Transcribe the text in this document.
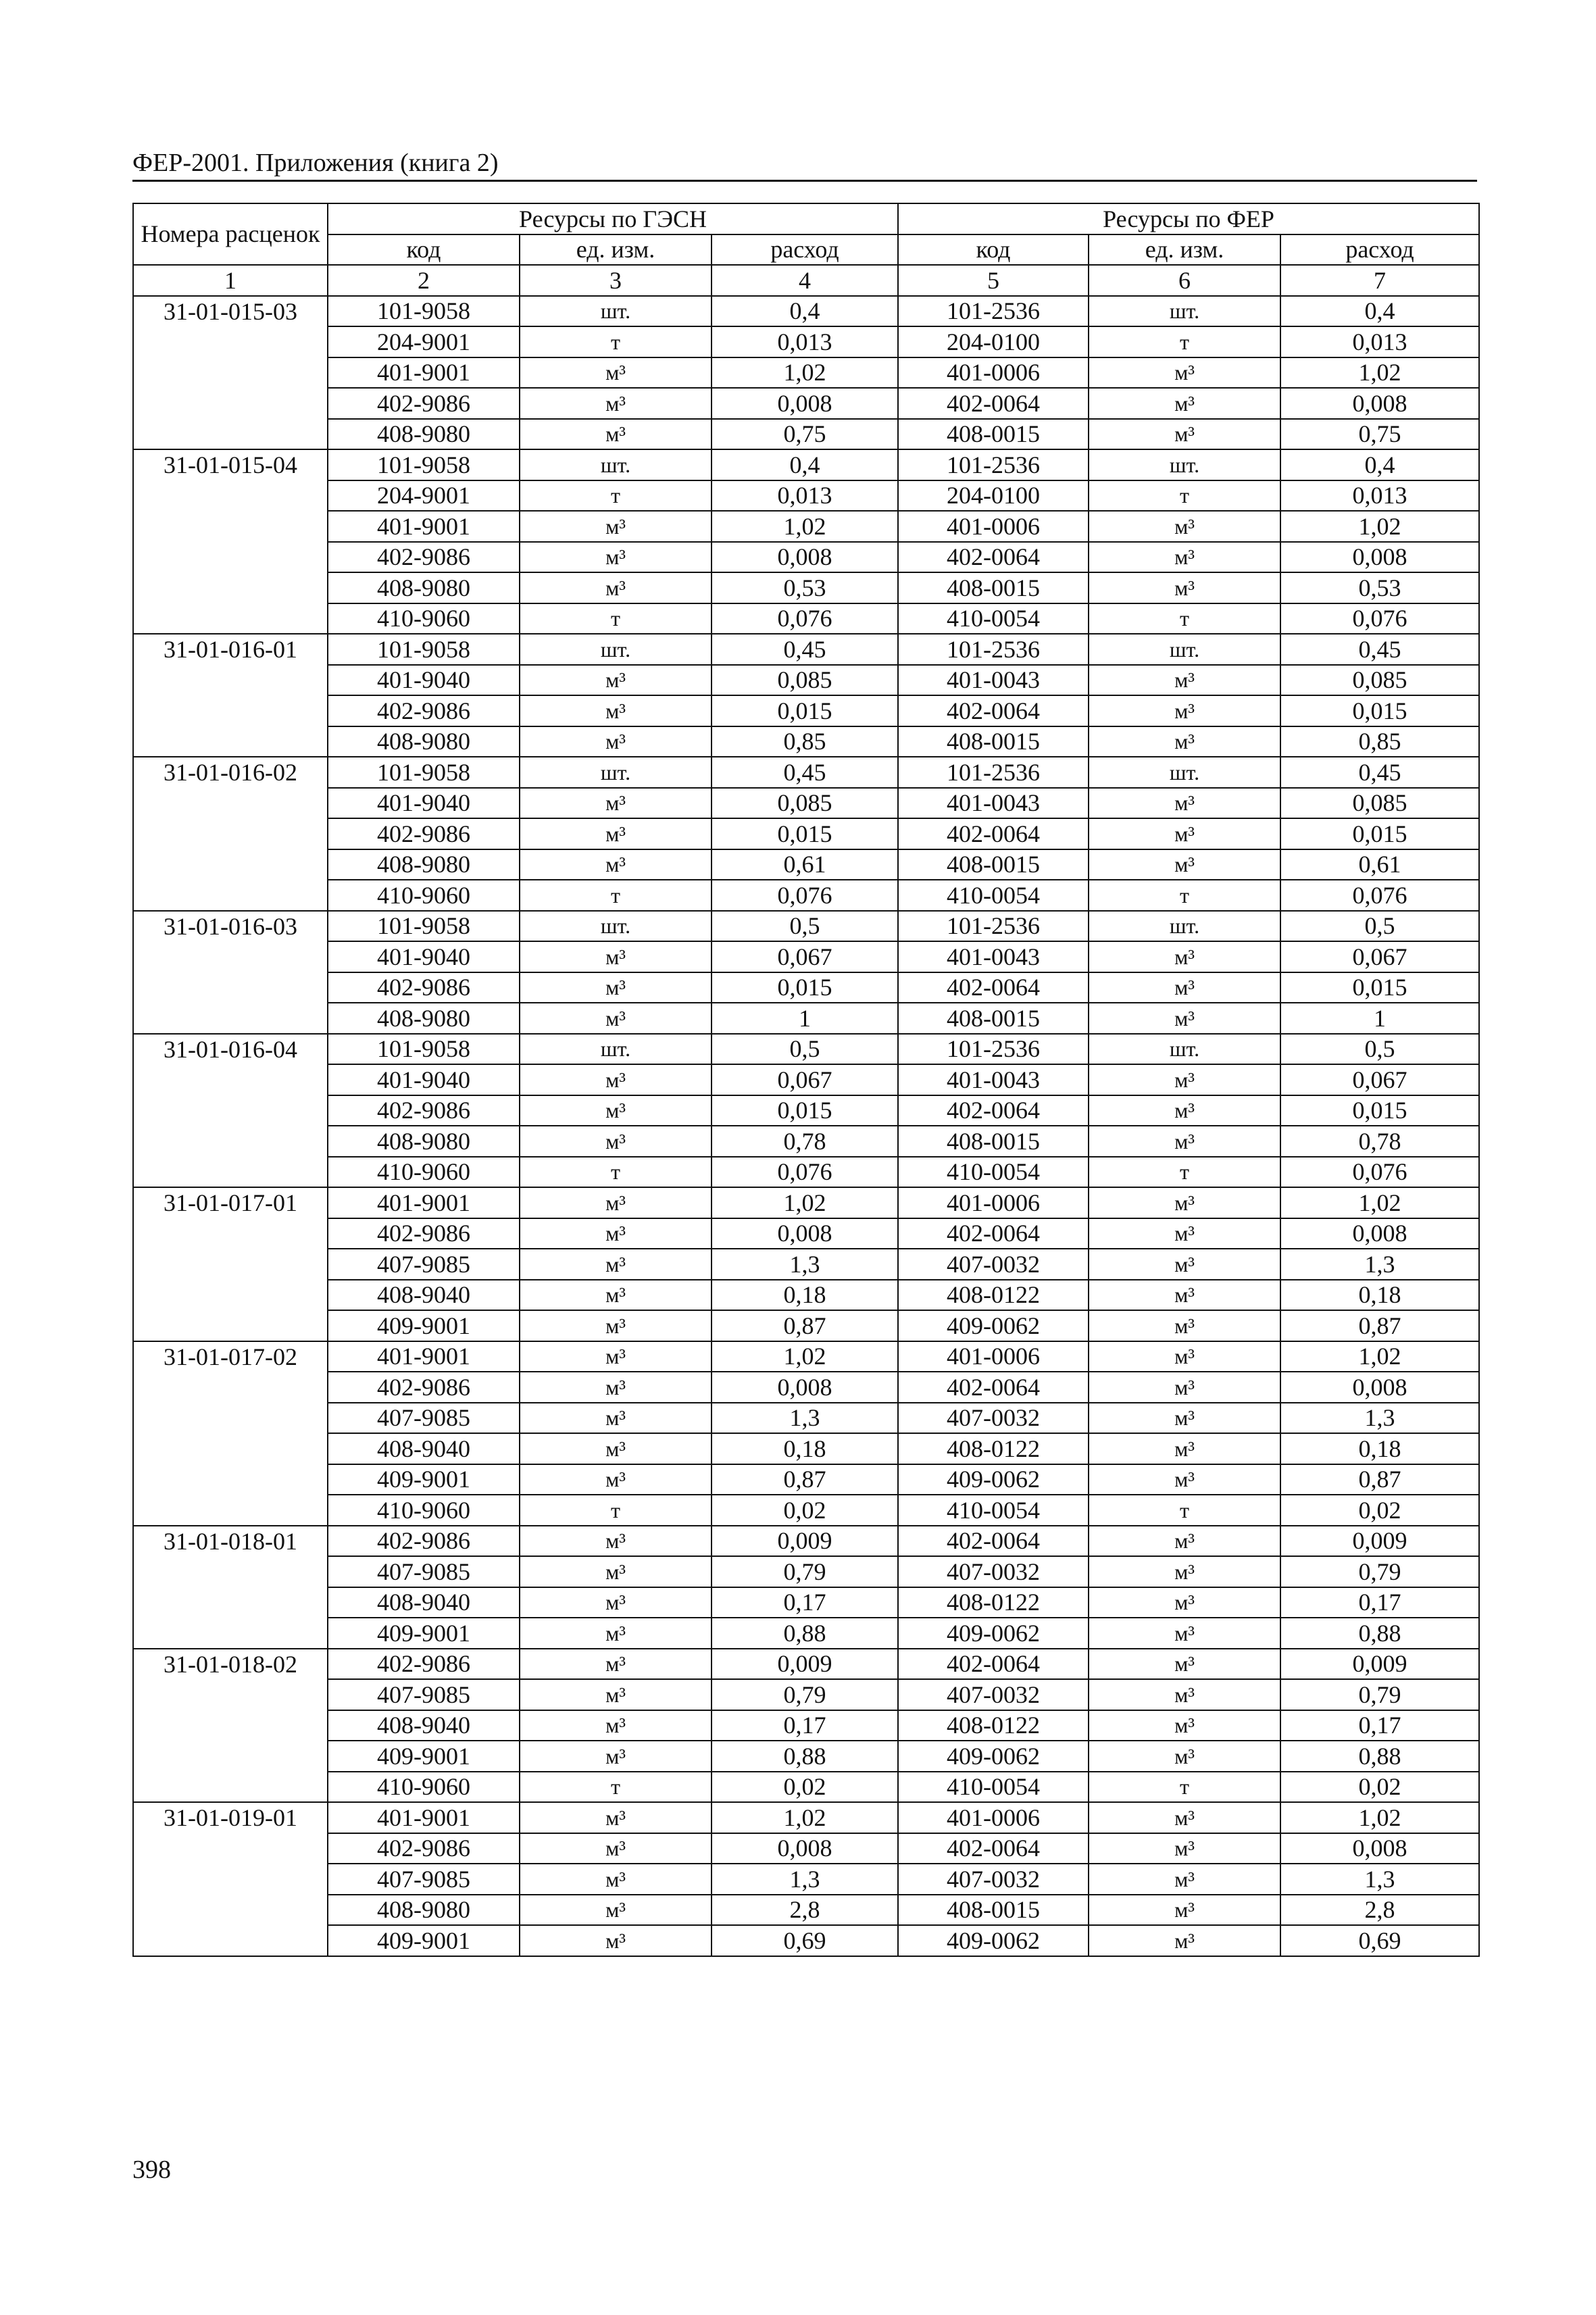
ФЕР-2001. Приложения (книга 2)
Номера расценок	Ресурсы по ГЭСН			Ресурсы по ФЕР		
	код	ед. изм.	расход	код	ед. изм.	расход
1	2	3	4	5	6	7
31-01-015-03	101-9058	шт.	0,4	101-2536	шт.	0,4
	204-9001	т	0,013	204-0100	т	0,013
	401-9001	м³	1,02	401-0006	м³	1,02
	402-9086	м³	0,008	402-0064	м³	0,008
	408-9080	м³	0,75	408-0015	м³	0,75
31-01-015-04	101-9058	шт.	0,4	101-2536	шт.	0,4
	204-9001	т	0,013	204-0100	т	0,013
	401-9001	м³	1,02	401-0006	м³	1,02
	402-9086	м³	0,008	402-0064	м³	0,008
	408-9080	м³	0,53	408-0015	м³	0,53
	410-9060	т	0,076	410-0054	т	0,076
31-01-016-01	101-9058	шт.	0,45	101-2536	шт.	0,45
	401-9040	м³	0,085	401-0043	м³	0,085
	402-9086	м³	0,015	402-0064	м³	0,015
	408-9080	м³	0,85	408-0015	м³	0,85
31-01-016-02	101-9058	шт.	0,45	101-2536	шт.	0,45
	401-9040	м³	0,085	401-0043	м³	0,085
	402-9086	м³	0,015	402-0064	м³	0,015
	408-9080	м³	0,61	408-0015	м³	0,61
	410-9060	т	0,076	410-0054	т	0,076
31-01-016-03	101-9058	шт.	0,5	101-2536	шт.	0,5
	401-9040	м³	0,067	401-0043	м³	0,067
	402-9086	м³	0,015	402-0064	м³	0,015
	408-9080	м³	1	408-0015	м³	1
31-01-016-04	101-9058	шт.	0,5	101-2536	шт.	0,5
	401-9040	м³	0,067	401-0043	м³	0,067
	402-9086	м³	0,015	402-0064	м³	0,015
	408-9080	м³	0,78	408-0015	м³	0,78
	410-9060	т	0,076	410-0054	т	0,076
31-01-017-01	401-9001	м³	1,02	401-0006	м³	1,02
	402-9086	м³	0,008	402-0064	м³	0,008
	407-9085	м³	1,3	407-0032	м³	1,3
	408-9040	м³	0,18	408-0122	м³	0,18
	409-9001	м³	0,87	409-0062	м³	0,87
31-01-017-02	401-9001	м³	1,02	401-0006	м³	1,02
	402-9086	м³	0,008	402-0064	м³	0,008
	407-9085	м³	1,3	407-0032	м³	1,3
	408-9040	м³	0,18	408-0122	м³	0,18
	409-9001	м³	0,87	409-0062	м³	0,87
	410-9060	т	0,02	410-0054	т	0,02
31-01-018-01	402-9086	м³	0,009	402-0064	м³	0,009
	407-9085	м³	0,79	407-0032	м³	0,79
	408-9040	м³	0,17	408-0122	м³	0,17
	409-9001	м³	0,88	409-0062	м³	0,88
31-01-018-02	402-9086	м³	0,009	402-0064	м³	0,009
	407-9085	м³	0,79	407-0032	м³	0,79
	408-9040	м³	0,17	408-0122	м³	0,17
	409-9001	м³	0,88	409-0062	м³	0,88
	410-9060	т	0,02	410-0054	т	0,02
31-01-019-01	401-9001	м³	1,02	401-0006	м³	1,02
	402-9086	м³	0,008	402-0064	м³	0,008
	407-9085	м³	1,3	407-0032	м³	1,3
	408-9080	м³	2,8	408-0015	м³	2,8
	409-9001	м³	0,69	409-0062	м³	0,69
398
